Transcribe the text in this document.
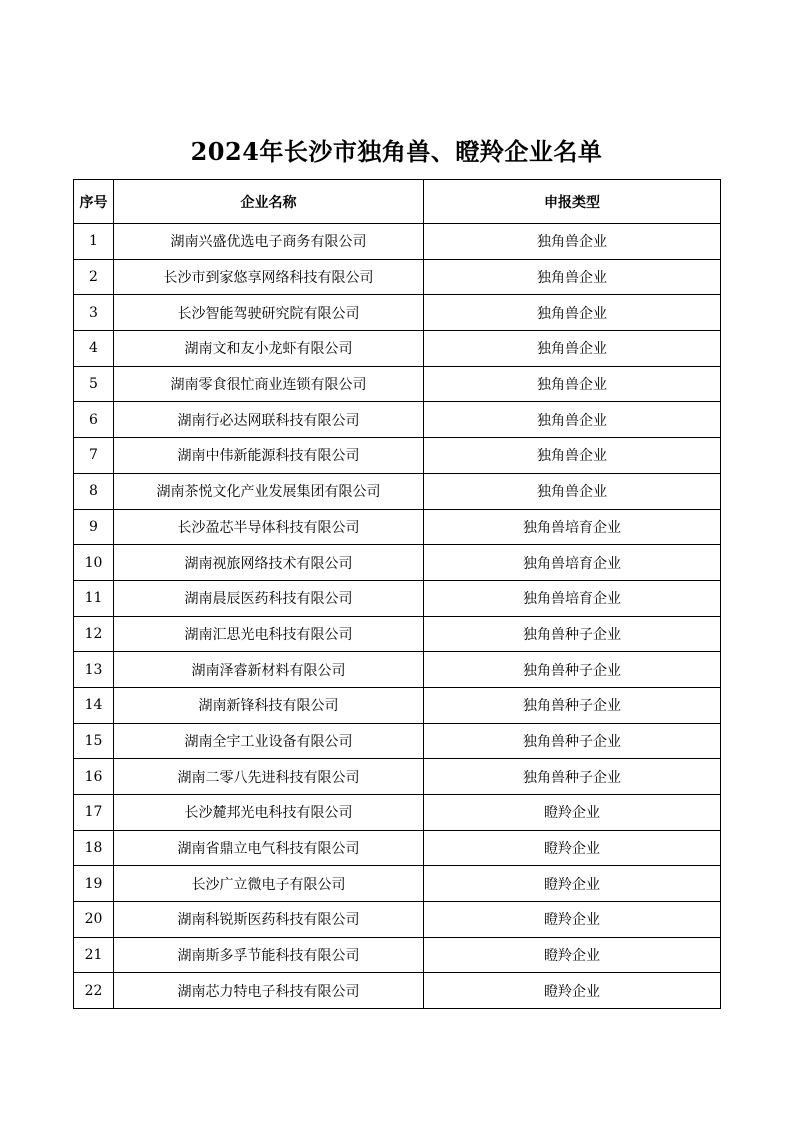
2024年长沙市独角兽、瞪羚企业名单
序号	企业名称	申报类型
1	湖南兴盛优选电子商务有限公司	独角兽企业
2	长沙市到家悠享网络科技有限公司	独角兽企业
3	长沙智能驾驶研究院有限公司	独角兽企业
4	湖南文和友小龙虾有限公司	独角兽企业
5	湖南零食很忙商业连锁有限公司	独角兽企业
6	湖南行必达网联科技有限公司	独角兽企业
7	湖南中伟新能源科技有限公司	独角兽企业
8	湖南茶悦文化产业发展集团有限公司	独角兽企业
9	长沙盈芯半导体科技有限公司	独角兽培育企业
10	湖南视旅网络技术有限公司	独角兽培育企业
11	湖南晨辰医药科技有限公司	独角兽培育企业
12	湖南汇思光电科技有限公司	独角兽种子企业
13	湖南泽睿新材料有限公司	独角兽种子企业
14	湖南新锋科技有限公司	独角兽种子企业
15	湖南全宇工业设备有限公司	独角兽种子企业
16	湖南二零八先进科技有限公司	独角兽种子企业
17	长沙麓邦光电科技有限公司	瞪羚企业
18	湖南省鼎立电气科技有限公司	瞪羚企业
19	长沙广立微电子有限公司	瞪羚企业
20	湖南科锐斯医药科技有限公司	瞪羚企业
21	湖南斯多孚节能科技有限公司	瞪羚企业
22	湖南芯力特电子科技有限公司	瞪羚企业
